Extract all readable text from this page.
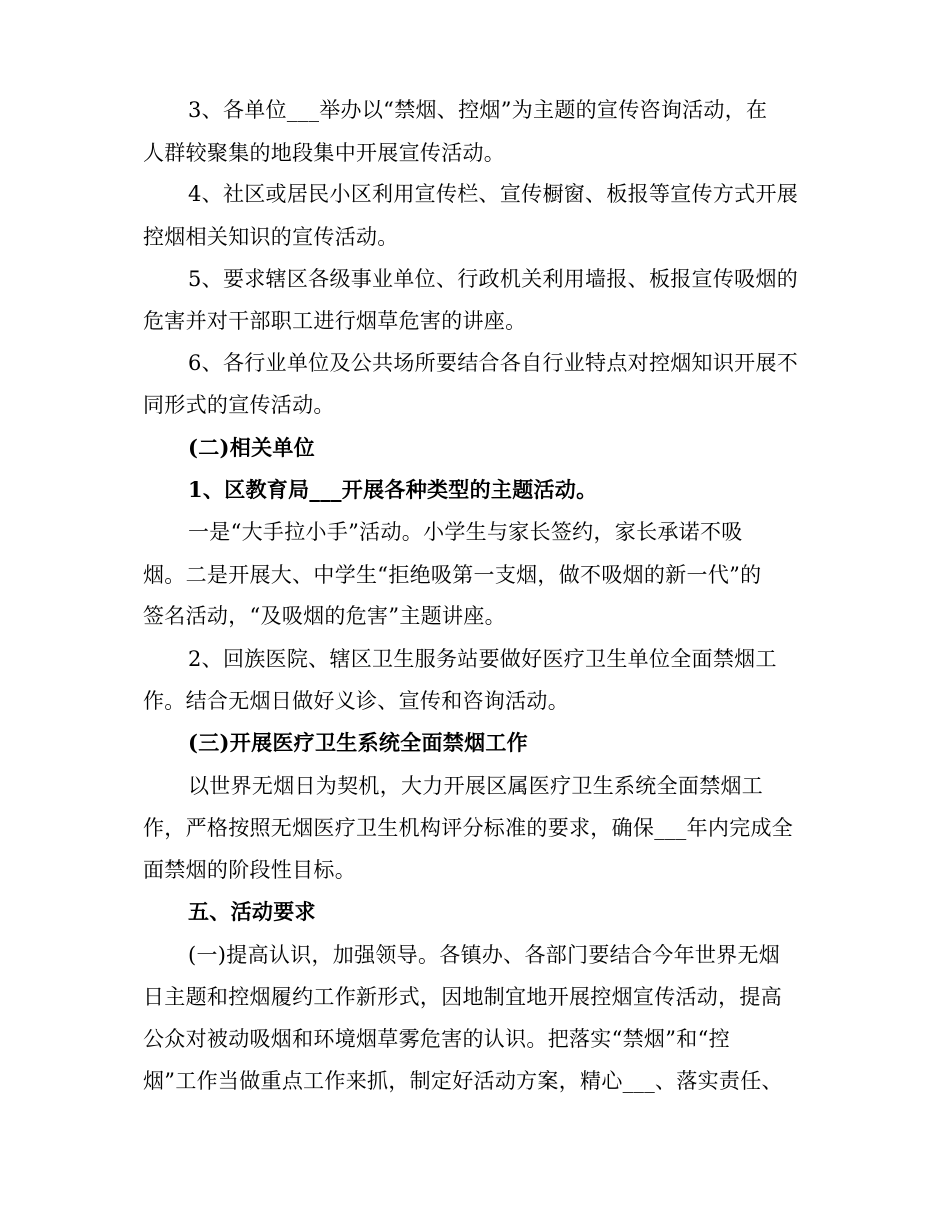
3、各单位___举办以“禁烟、控烟”为主题的宣传咨询活动，在
人群较聚集的地段集中开展宣传活动。
4、社区或居民小区利用宣传栏、宣传橱窗、板报等宣传方式开展
控烟相关知识的宣传活动。
5、要求辖区各级事业单位、行政机关利用墙报、板报宣传吸烟的
危害并对干部职工进行烟草危害的讲座。
6、各行业单位及公共场所要结合各自行业特点对控烟知识开展不
同形式的宣传活动。
(二)相关单位
1、区教育局___开展各种类型的主题活动。
一是“大手拉小手”活动。小学生与家长签约，家长承诺不吸
烟。二是开展大、中学生“拒绝吸第一支烟，做不吸烟的新一代”的
签名活动，“及吸烟的危害”主题讲座。
2、回族医院、辖区卫生服务站要做好医疗卫生单位全面禁烟工
作。结合无烟日做好义诊、宣传和咨询活动。
(三)开展医疗卫生系统全面禁烟工作
以世界无烟日为契机，大力开展区属医疗卫生系统全面禁烟工
作，严格按照无烟医疗卫生机构评分标准的要求，确保___年内完成全
面禁烟的阶段性目标。
五、活动要求
(一)提高认识，加强领导。各镇办、各部门要结合今年世界无烟
日主题和控烟履约工作新形式，因地制宜地开展控烟宣传活动，提高
公众对被动吸烟和环境烟草雾危害的认识。把落实“禁烟”和“控
烟”工作当做重点工作来抓，制定好活动方案，精心___、落实责任、
